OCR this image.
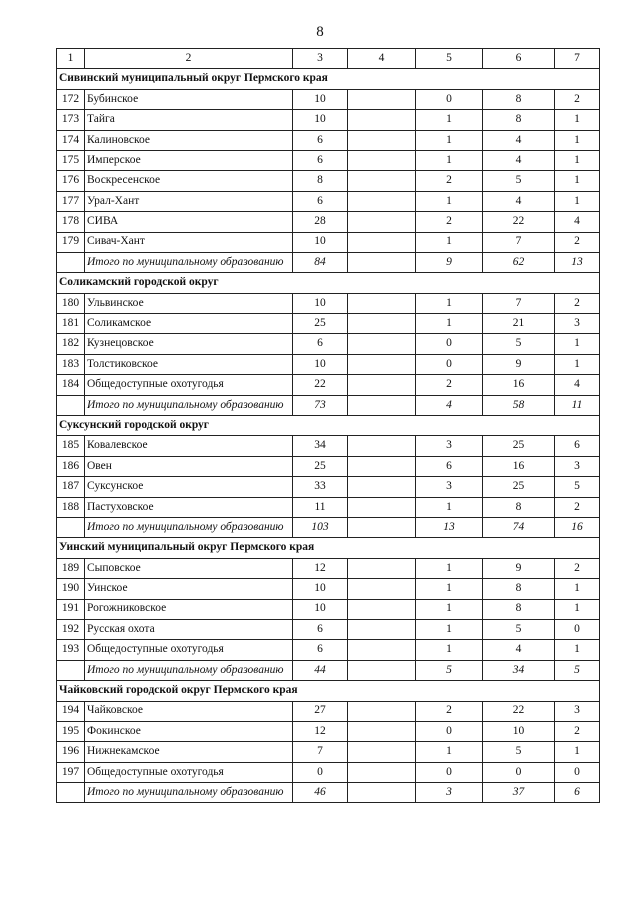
8
1	2	3	4	5	6	7
Сивинский муниципальный округ Пермского края						
172	Бубинское	10		0	8	2
173	Тайга	10		1	8	1
174	Калиновское	6		1	4	1
175	Имперское	6		1	4	1
176	Воскресенское	8		2	5	1
177	Урал-Хант	6		1	4	1
178	СИВА	28		2	22	4
179	Сивач-Хант	10		1	7	2
	Итого по муниципальному образованию	84		9	62	13
Соликамский городской округ						
180	Ульвинское	10		1	7	2
181	Соликамское	25		1	21	3
182	Кузнецовское	6		0	5	1
183	Толстиковское	10		0	9	1
184	Общедоступные охотугодья	22		2	16	4
	Итого по муниципальному образованию	73		4	58	11
Суксунский городской округ						
185	Ковалевское	34		3	25	6
186	Овен	25		6	16	3
187	Суксунское	33		3	25	5
188	Пастуховское	11		1	8	2
	Итого по муниципальному образованию	103		13	74	16
Уинский муниципальный округ Пермского края						
189	Сыповское	12		1	9	2
190	Уинское	10		1	8	1
191	Рогожниковское	10		1	8	1
192	Русская охота	6		1	5	0
193	Общедоступные охотугодья	6		1	4	1
	Итого по муниципальному образованию	44		5	34	5
Чайковский городской округ Пермского края						
194	Чайковское	27		2	22	3
195	Фокинское	12		0	10	2
196	Нижнекамское	7		1	5	1
197	Общедоступные охотугодья	0		0	0	0
	Итого по муниципальному образованию	46		3	37	6
